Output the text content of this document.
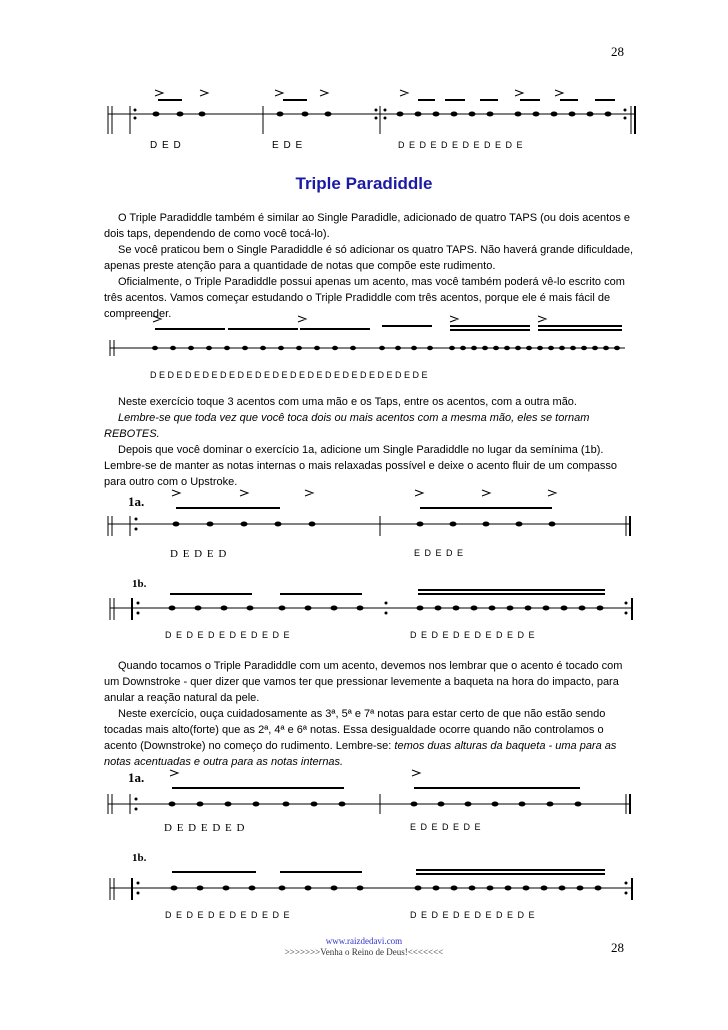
28
D E D	E D E	D E D E D E D E D E D E
Triple Paradiddle

O Triple Paradiddle também é similar ao Single Paradidle, adicionado de quatro TAPS (ou dois acentos e dois taps, dependendo de como você tocá-lo).

Se você praticou bem o Single Paradiddle é só adicionar os quatro TAPS. Não haverá grande dificuldade, apenas preste atenção para a quantidade de notas que compõe este rudimento.

Oficialmente, o Triple Paradiddle possui apenas um acento, mas você também poderá vê-lo escrito com três acentos. Vamos começar estudando o Triple Pradiddle com três acentos, porque ele é mais fácil de compreender.

D E D E D E D E D E D E D E D E D E D E D E D E D E D E D E D E

Neste exercício toque 3 acentos com uma mão e os Taps, entre os acentos, com a outra mão.

Lembre-se que toda vez que você toca dois ou mais acentos com a mesma mão, eles se tornam REBOTES.

Depois que você dominar o exercício 1a, adicione um Single Paradiddle no lugar da semínima (1b). Lembre-se de manter as notas internas o mais relaxadas possível e deixe o acento fluir de um compasso para outro com o Upstroke.

1a.
D E D E D	E D E D E
1b.
D E D E D E D E D E D E	D E D E D E D E D E D E

Quando tocamos o Triple Paradiddle com um acento, devemos nos lembrar que o acento é tocado com um Downstroke - quer dizer que vamos ter que pressionar levemente a baqueta na hora do impacto, para anular a reação natural da pele.

Neste exercício, ouça cuidadosamente as 3ª, 5ª e 7ª notas para estar certo de que não estão sendo tocadas mais alto(forte) que as 2ª, 4ª e 6ª notas. Essa desigualdade ocorre quando não controlamos o acento (Downstroke) no começo do rudimento. Lembre-se: temos duas alturas da baqueta - uma para as notas acentuadas e outra para as notas internas.

1a.
D E D E D E D	E D E D E D E
1b.
D E D E D E D E D E D E	D E D E D E D E D E D E
www.raizdedavi.com
>>>>>>>Venha o Reino de Deus!<<<<<<<	28
